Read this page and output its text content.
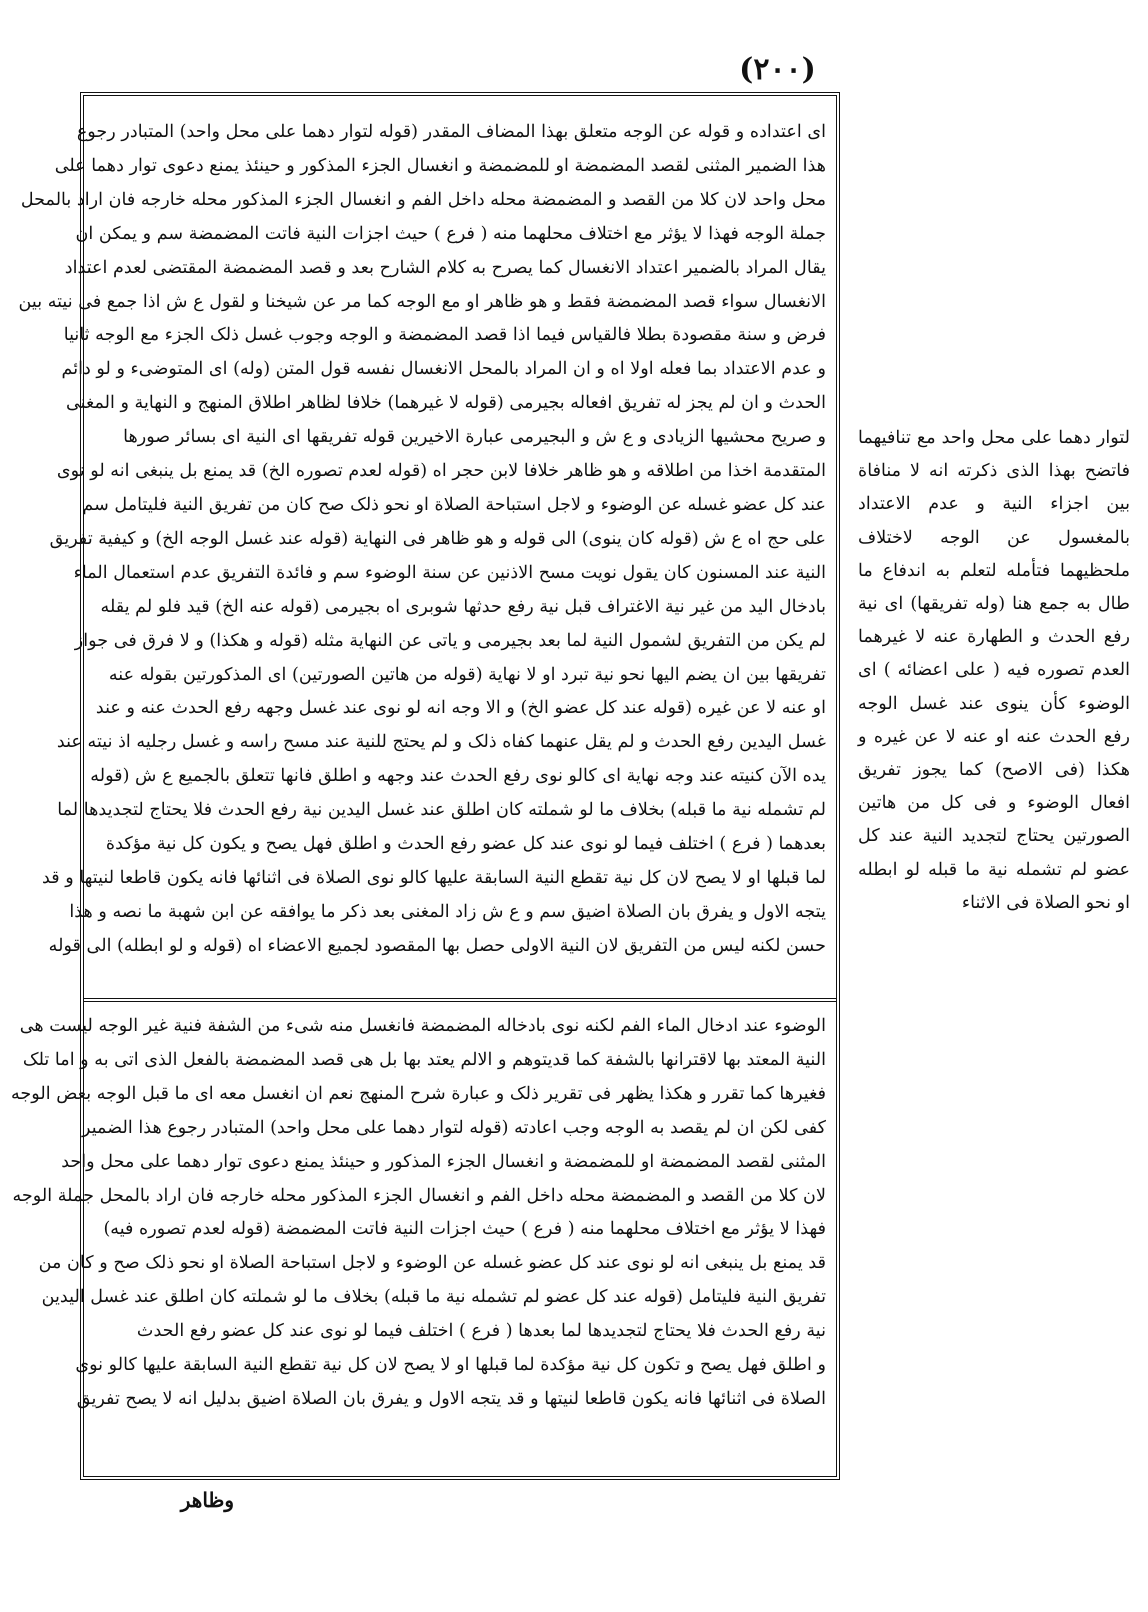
(۲۰۰)
ای اعتداده و قوله عن الوجه متعلق بهذا المضاف المقدر (قوله لتوار دهما علی محل واحد) المتبادر رجوع
هذا الضمیر المثنی لقصد المضمضة او للمضمضة و انغسال الجزء المذکور و حینئذ یمنع دعوی توار دهما علی
محل واحد لان کلا من القصد و المضمضة محله داخل الفم و انغسال الجزء المذکور محله خارجه فان اراد بالمحل
جملة الوجه فهذا لا یؤثر مع اختلاف محلهما منه ( فرع ) حیث اجزات النیة فاتت المضمضة سم و یمکن ان
یقال المراد بالضمیر اعتداد الانغسال کما یصرح به کلام الشارح بعد و قصد المضمضة المقتضی لعدم اعتداد
الانغسال سواء قصد المضمضة فقط و هو ظاهر او مع الوجه کما مر عن شیخنا و لقول ع ش اذا جمع فی نیته بین
فرض و سنة مقصودة بطلا فالقیاس فیما اذا قصد المضمضة و الوجه وجوب غسل ذلک الجزء مع الوجه ثانیا
و عدم الاعتداد بما فعله اولا اه و ان المراد بالمحل الانغسال نفسه قول المتن (وله) ای المتوضیء و لو دائم
الحدث و ان لم یجز له تفریق افعاله بجیرمی (قوله لا غیرهما) خلافا لظاهر اطلاق المنهج و النهایة و المغنی
و صریح محشیها الزیادی و ع ش و البجیرمی عبارة الاخیرین قوله تفریقها ای النیة ای بسائر صورها
المتقدمة اخذا من اطلاقه و هو ظاهر خلافا لابن حجر اه (قوله لعدم تصوره الخ) قد یمنع بل ینبغی انه لو نوی
عند کل عضو غسله عن الوضوء و لاجل استباحة الصلاة او نحو ذلک صح کان من تفریق النیة فلیتامل سم
علی حج اه ع ش (قوله کان ینوی) الی قوله و هو ظاهر فی النهایة (قوله عند غسل الوجه الخ) و کیفیة تفریق
النیة عند المسنون کان یقول نویت مسح الاذنین عن سنة الوضوء سم و فائدة التفریق عدم استعمال الماء
بادخال الید من غیر نیة الاغتراف قبل نیة رفع حدثها شوبری اه بجیرمی (قوله عنه الخ) قید فلو لم یقله
لم یکن من التفریق لشمول النیة لما بعد بجیرمی و یاتی عن النهایة مثله (قوله و هکذا) و لا فرق فی جواز
تفریقها بین ان یضم الیها نحو نیة تبرد او لا نهایة (قوله من هاتین الصورتین) ای المذکورتین بقوله عنه
او عنه لا عن غیره (قوله عند کل عضو الخ) و الا وجه انه لو نوی عند غسل وجهه رفع الحدث عنه و عند
غسل الیدین رفع الحدث و لم یقل عنهما کفاه ذلک و لم یحتج للنیة عند مسح راسه و غسل رجلیه اذ نیته عند
یده الآن کنیته عند وجه نهایة ای کالو نوی رفع الحدث عند وجهه و اطلق فانها تتعلق بالجمیع ع ش (قوله
لم تشمله نیة ما قبله) بخلاف ما لو شملته کان اطلق عند غسل الیدین نیة رفع الحدث فلا یحتاج لتجدیدها لما
بعدهما ( فرع ) اختلف فیما لو نوی عند کل عضو رفع الحدث و اطلق فهل یصح و یکون کل نیة مؤکدة
لما قبلها او لا یصح لان کل نیة تقطع النیة السابقة علیها کالو نوی الصلاة فی اثنائها فانه یکون قاطعا لنیتها و قد
یتجه الاول و یفرق بان الصلاة اضیق سم و ع ش زاد المغنی بعد ذکر ما یوافقه عن ابن شهبة ما نصه و هذا
حسن لکنه لیس من التفریق لان النیة الاولی حصل بها المقصود لجمیع الاعضاء اه (قوله و لو ابطله) الی قوله
الوضوء عند ادخال الماء الفم لکنه نوی بادخاله المضمضة فانغسل منه شیء من الشفة فنیة غیر الوجه لیست هی
النیة المعتد بها لاقترانها بالشفة کما قدیتوهم و الالم یعتد بها بل هی قصد المضمضة بالفعل الذی اتی به و اما تلک
فغیرها کما تقرر و هکذا یظهر فی تقریر ذلک و عبارة شرح المنهج نعم ان انغسل معه ای ما قبل الوجه بعض الوجه
کفی لکن ان لم یقصد به الوجه وجب اعادته (قوله لتوار دهما علی محل واحد) المتبادر رجوع هذا الضمیر
المثنی لقصد المضمضة او للمضمضة و انغسال الجزء المذکور و حینئذ یمنع دعوی توار دهما علی محل واحد
لان کلا من القصد و المضمضة محله داخل الفم و انغسال الجزء المذکور محله خارجه فان اراد بالمحل جملة الوجه
فهذا لا یؤثر مع اختلاف محلهما منه ( فرع ) حیث اجزات النیة فاتت المضمضة (قوله لعدم تصوره فیه)
قد یمنع بل ینبغی انه لو نوی عند کل عضو غسله عن الوضوء و لاجل استباحة الصلاة او نحو ذلک صح و کان من
تفریق النیة فلیتامل (قوله عند کل عضو لم تشمله نیة ما قبله) بخلاف ما لو شملته کان اطلق عند غسل الیدین
نیة رفع الحدث فلا یحتاج لتجدیدها لما بعدها ( فرع ) اختلف فیما لو نوی عند کل عضو رفع الحدث
و اطلق فهل یصح و تکون کل نیة مؤکدة لما قبلها او لا یصح لان کل نیة تقطع النیة السابقة علیها کالو نوی
الصلاة فی اثنائها فانه یکون قاطعا لنیتها و قد یتجه الاول و یفرق بان الصلاة اضیق بدلیل انه لا یصح تفریق
لتوار دهما علی محل واحد مع تنافیهما فاتضح بهذا الذی ذکرته انه لا منافاة بین اجزاء النیة و عدم الاعتداد بالمغسول عن الوجه لاختلاف ملحظیهما فتأمله لتعلم به اندفاع ما طال به جمع هنا (وله تفریقها) ای نیة رفع الحدث و الطهارة عنه لا غیرهما العدم تصوره فیه ( علی اعضائه ) ای الوضوء کأن ینوی عند غسل الوجه رفع الحدث عنه او عنه لا عن غیره و هکذا (فی الاصح) کما یجوز تفریق افعال الوضوء و فی کل من هاتین الصورتین یحتاج لتجدید النیة عند کل عضو لم تشمله نیة ما قبله لو ابطله او نحو الصلاة فی الاثناء
وظاهر
